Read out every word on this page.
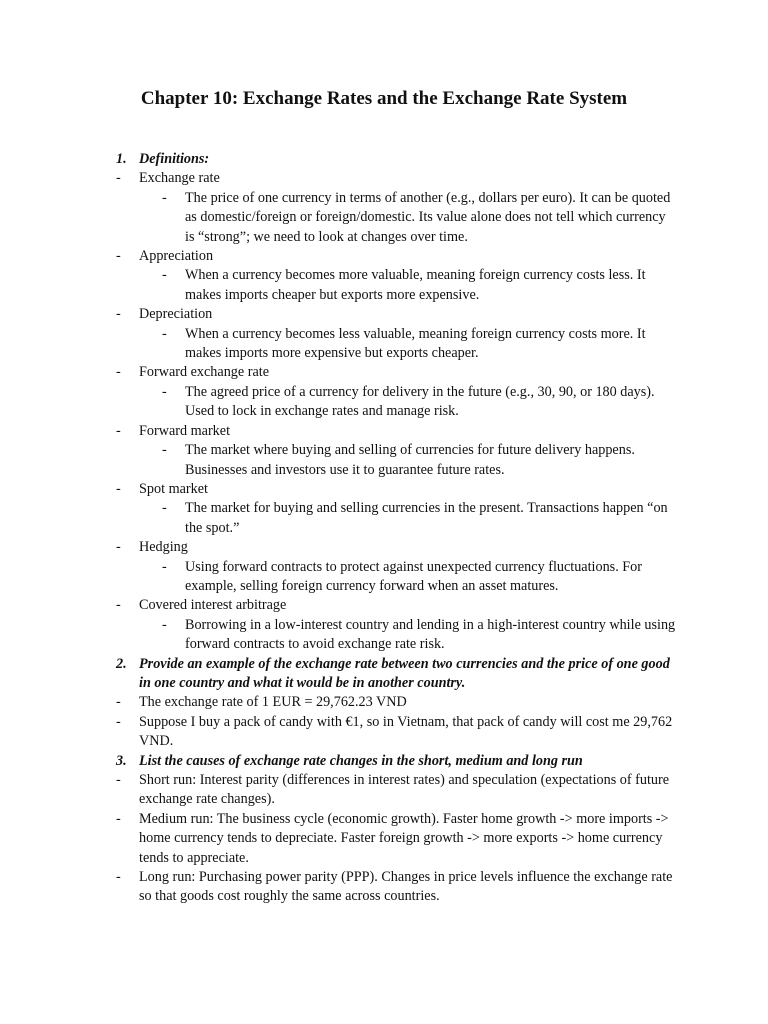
Chapter 10: Exchange Rates and the Exchange Rate System
1. Definitions:
- Exchange rate
- The price of one currency in terms of another (e.g., dollars per euro). It can be quoted as domestic/foreign or foreign/domestic. Its value alone does not tell which currency is “strong”; we need to look at changes over time.
- Appreciation
- When a currency becomes more valuable, meaning foreign currency costs less. It makes imports cheaper but exports more expensive.
- Depreciation
- When a currency becomes less valuable, meaning foreign currency costs more. It makes imports more expensive but exports cheaper.
- Forward exchange rate
- The agreed price of a currency for delivery in the future (e.g., 30, 90, or 180 days). Used to lock in exchange rates and manage risk.
- Forward market
- The market where buying and selling of currencies for future delivery happens. Businesses and investors use it to guarantee future rates.
- Spot market
- The market for buying and selling currencies in the present. Transactions happen “on the spot.”
- Hedging
- Using forward contracts to protect against unexpected currency fluctuations. For example, selling foreign currency forward when an asset matures.
- Covered interest arbitrage
- Borrowing in a low-interest country and lending in a high-interest country while using forward contracts to avoid exchange rate risk.
2. Provide an example of the exchange rate between two currencies and the price of one good in one country and what it would be in another country.
- The exchange rate of 1 EUR = 29,762.23 VND
- Suppose I buy a pack of candy with €1, so in Vietnam, that pack of candy will cost me 29,762 VND.
3. List the causes of exchange rate changes in the short, medium and long run
- Short run: Interest parity (differences in interest rates) and speculation (expectations of future exchange rate changes).
- Medium run: The business cycle (economic growth). Faster home growth -> more imports -> home currency tends to depreciate. Faster foreign growth -> more exports -> home currency tends to appreciate.
- Long run: Purchasing power parity (PPP). Changes in price levels influence the exchange rate so that goods cost roughly the same across countries.
